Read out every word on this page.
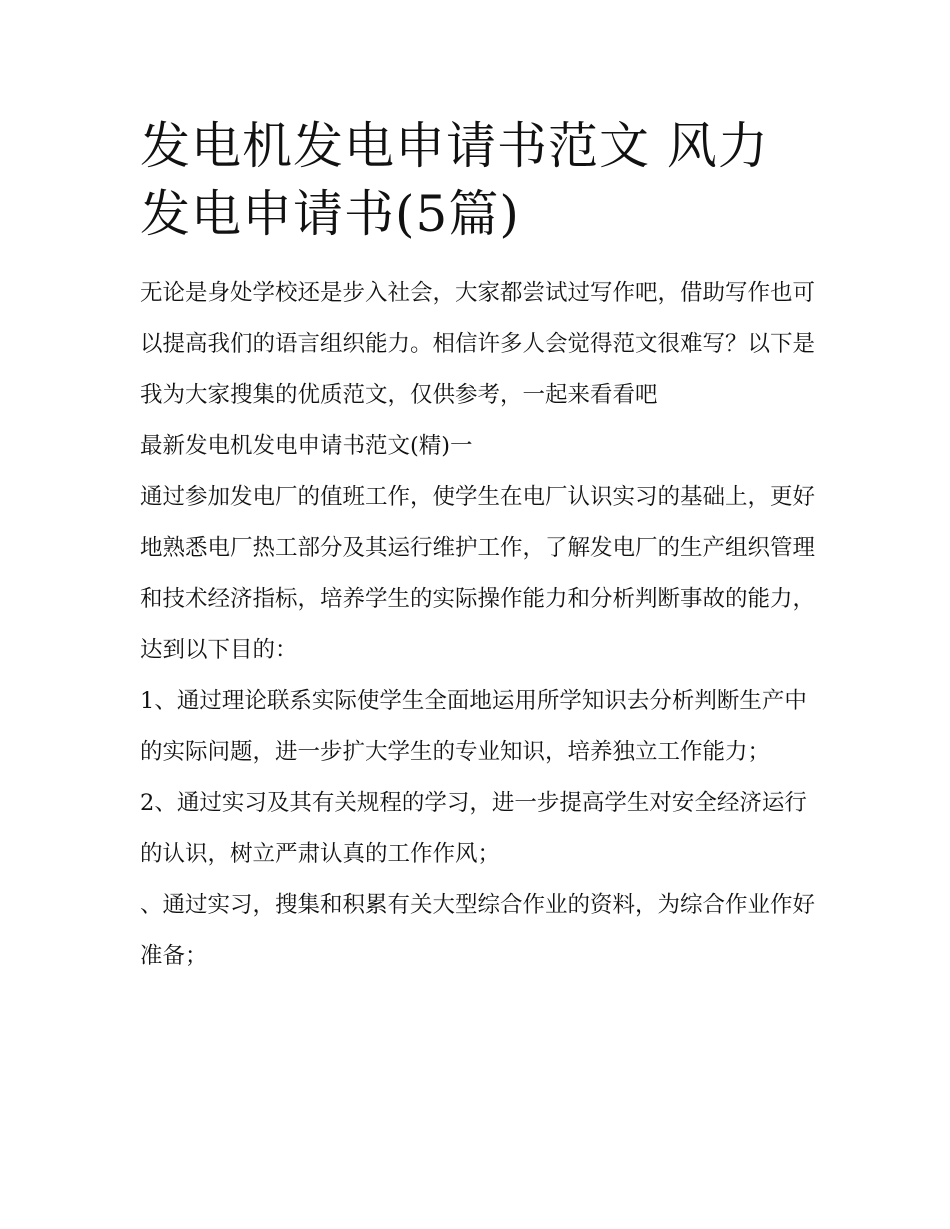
发电机发电申请书范文 风力发电申请书(5篇)

无论是身处学校还是步入社会，大家都尝试过写作吧，借助写作也可以提高我们的语言组织能力。相信许多人会觉得范文很难写？以下是我为大家搜集的优质范文，仅供参考，一起来看看吧

最新发电机发电申请书范文(精)一

通过参加发电厂的值班工作，使学生在电厂认识实习的基础上，更好地熟悉电厂热工部分及其运行维护工作，了解发电厂的生产组织管理和技术经济指标，培养学生的实际操作能力和分析判断事故的能力，达到以下目的：

1、通过理论联系实际使学生全面地运用所学知识去分析判断生产中的实际问题，进一步扩大学生的专业知识，培养独立工作能力；

2、通过实习及其有关规程的学习，进一步提高学生对安全经济运行的认识，树立严肃认真的工作作风；

、通过实习，搜集和积累有关大型综合作业的资料，为综合作业作好准备；
